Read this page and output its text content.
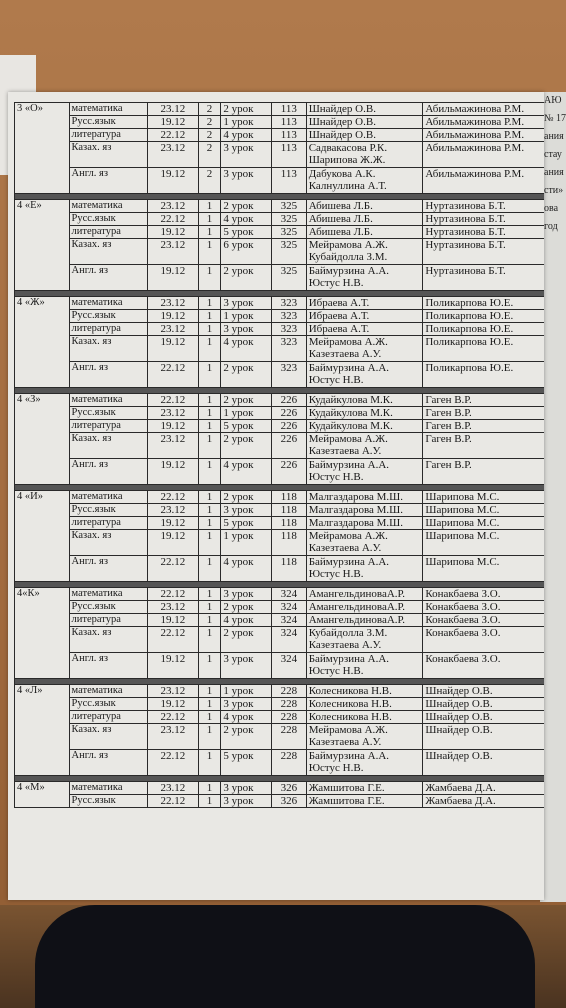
АЮ
№ 17
ания
стау
ания
сти»
ова
год
3 «О»	математика	23.12	2	2 урок	113	Шнайдер О.В.	Абильмажинова Р.М.
	Русс.язык	19.12	2	1 урок	113	Шнайдер О.В.	Абильмажинова Р.М.
	литература	22.12	2	4 урок	113	Шнайдер О.В.	Абильмажинова Р.М.
	Казах. яз	23.12	2	3 урок	113	Садвакасова Р.К.
Шарипова Ж.Ж.	Абильмажинова Р.М.
	Англ. яз	19.12	2	3 урок	113	Дабукова А.К.
Калнуллина А.Т.	Абильмажинова Р.М.

4 «Е»	математика	23.12	1	2 урок	325	Абишева Л.Б.	Нуртазинова Б.Т.
	Русс.язык	22.12	1	4 урок	325	Абишева Л.Б.	Нуртазинова Б.Т.
	литература	19.12	1	5 урок	325	Абишева Л.Б.	Нуртазинова Б.Т.
	Казах. яз	23.12	1	6 урок	325	Мейрамова А.Ж.
Кубайдолла З.М.	Нуртазинова Б.Т.
	Англ. яз	19.12	1	2 урок	325	Баймурзина А.А.
Юстус Н.В.	Нуртазинова Б.Т.

4 «Ж»	математика	23.12	1	3 урок	323	Ибраева А.Т.	Поликарпова Ю.Е.
	Русс.язык	19.12	1	1 урок	323	Ибраева А.Т.	Поликарпова Ю.Е.
	литература	23.12	1	3 урок	323	Ибраева А.Т.	Поликарпова Ю.Е.
	Казах. яз	19.12	1	4 урок	323	Мейрамова А.Ж.
Казезтаева А.У.	Поликарпова Ю.Е.
	Англ. яз	22.12	1	2 урок	323	Баймурзина А.А.
Юстус Н.В.	Поликарпова Ю.Е.

4 «З»	математика	22.12	1	2 урок	226	Кудайкулова М.К.	Гаген В.Р.
	Русс.язык	23.12	1	1 урок	226	Кудайкулова М.К.	Гаген В.Р.
	литература	19.12	1	5 урок	226	Кудайкулова М.К.	Гаген В.Р.
	Казах. яз	23.12	1	2 урок	226	Мейрамова А.Ж.
Казезтаева А.У.	Гаген В.Р.
	Англ. яз	19.12	1	4 урок	226	Баймурзина А.А.
Юстус Н.В.	Гаген В.Р.

4 «И»	математика	22.12	1	2 урок	118	Малгаздарова М.Ш.	Шарипова М.С.
	Русс.язык	23.12	1	3 урок	118	Малгаздарова М.Ш.	Шарипова М.С.
	литература	19.12	1	5 урок	118	Малгаздарова М.Ш.	Шарипова М.С.
	Казах. яз	19.12	1	1 урок	118	Мейрамова А.Ж.
Казезтаева А.У.	Шарипова М.С.
	Англ. яз	22.12	1	4 урок	118	Баймурзина А.А.
Юстус Н.В.	Шарипова М.С.

4«К»	математика	22.12	1	3 урок	324	АмангельдиноваА.Р.	Конакбаева З.О.
	Русс.язык	23.12	1	2 урок	324	АмангельдиноваА.Р.	Конакбаева З.О.
	литература	19.12	1	4 урок	324	АмангельдиноваА.Р.	Конакбаева З.О.
	Казах. яз	22.12	1	2 урок	324	Кубайдолла З.М.
Казезтаева А.У.	Конакбаева З.О.
	Англ. яз	19.12	1	3 урок	324	Баймурзина А.А.
Юстус Н.В.	Конакбаева З.О.

4 «Л»	математика	23.12	1	1 урок	228	Колесникова Н.В.	Шнайдер О.В.
	Русс.язык	19.12	1	3 урок	228	Колесникова Н.В.	Шнайдер О.В.
	литература	22.12	1	4 урок	228	Колесникова Н.В.	Шнайдер О.В.
	Казах. яз	23.12	1	2 урок	228	Мейрамова А.Ж.
Казезтаева А.У.	Шнайдер О.В.
	Англ. яз	22.12	1	5 урок	228	Баймурзина А.А.
Юстус Н.В.	Шнайдер О.В.

4 «М»	математика	23.12	1	3 урок	326	Жамшитова Г.Е.	Жамбаева Д.А.
	Русс.язык	22.12	1	3 урок	326	Жамшитова Г.Е.	Жамбаева Д.А.
